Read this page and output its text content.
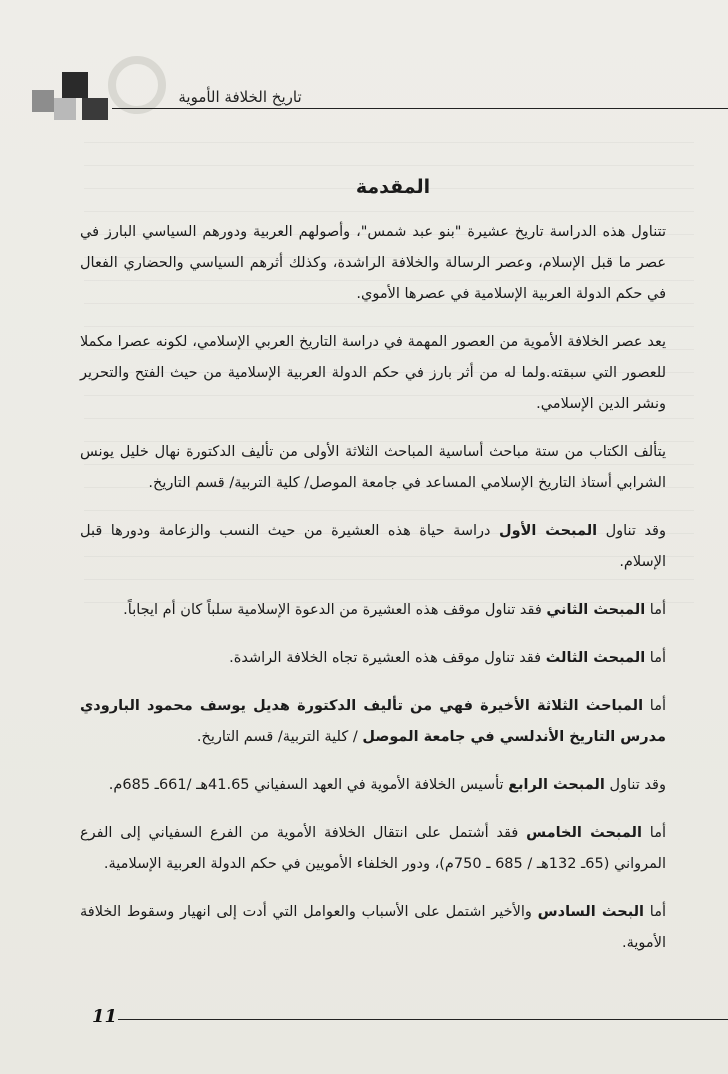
تاريخ الخلافة الأموية
المقدمة

تتناول هذه الدراسة تاريخ عشيرة "بنو عبد شمس"، وأصولهم العربية ودورهم السياسي البارز في عصر ما قبل الإسلام، وعصر الرسالة والخلافة الراشدة، وكذلك أثرهم السياسي والحضاري الفعال في حكم الدولة العربية الإسلامية في عصرها الأموي.

يعد عصر الخلافة الأموية من العصور المهمة في دراسة التاريخ العربي الإسلامي، لكونه عصرا مكملا للعصور التي سبقته.ولما له من أثر بارز في حكم الدولة العربية الإسلامية من حيث الفتح والتحرير ونشر الدين الإسلامي.

يتألف الكتاب من ستة مباحث أساسية المباحث الثلاثة الأولى من تأليف الدكتورة نهال خليل يونس الشرابي أستاذ التاريخ الإسلامي المساعد في جامعة الموصل/ كلية التربية/ قسم التاريخ.

وقد تناول المبحث الأول دراسة حياة هذه العشيرة من حيث النسب والزعامة ودورها قبل الإسلام.

أما المبحث الثاني فقد تناول موقف هذه العشيرة من الدعوة الإسلامية سلباً كان أم ايجاباً.

أما المبحث الثالث فقد تناول موقف هذه العشيرة تجاه الخلافة الراشدة.

أما المباحث الثلاثة الأخيرة فهي من تأليف الدكتورة هديل يوسف محمود البارودي مدرس التاريخ الأندلسي في جامعة الموصل / كلية التربية/ قسم التاريخ.

وقد تناول المبحث الرابع تأسيس الخلافة الأموية في العهد السفياني 41.65هـ /661ـ 685م.

أما المبحث الخامس فقد أشتمل على انتقال الخلافة الأموية من الفرع السفياني إلى الفرع المرواني (65ـ 132هـ / 685 ـ 750م)، ودور الخلفاء الأمويين في حكم الدولة العربية الإسلامية.

أما البحث السادس والأخير اشتمل على الأسباب والعوامل التي أدت إلى انهيار وسقوط الخلافة الأموية.

11
